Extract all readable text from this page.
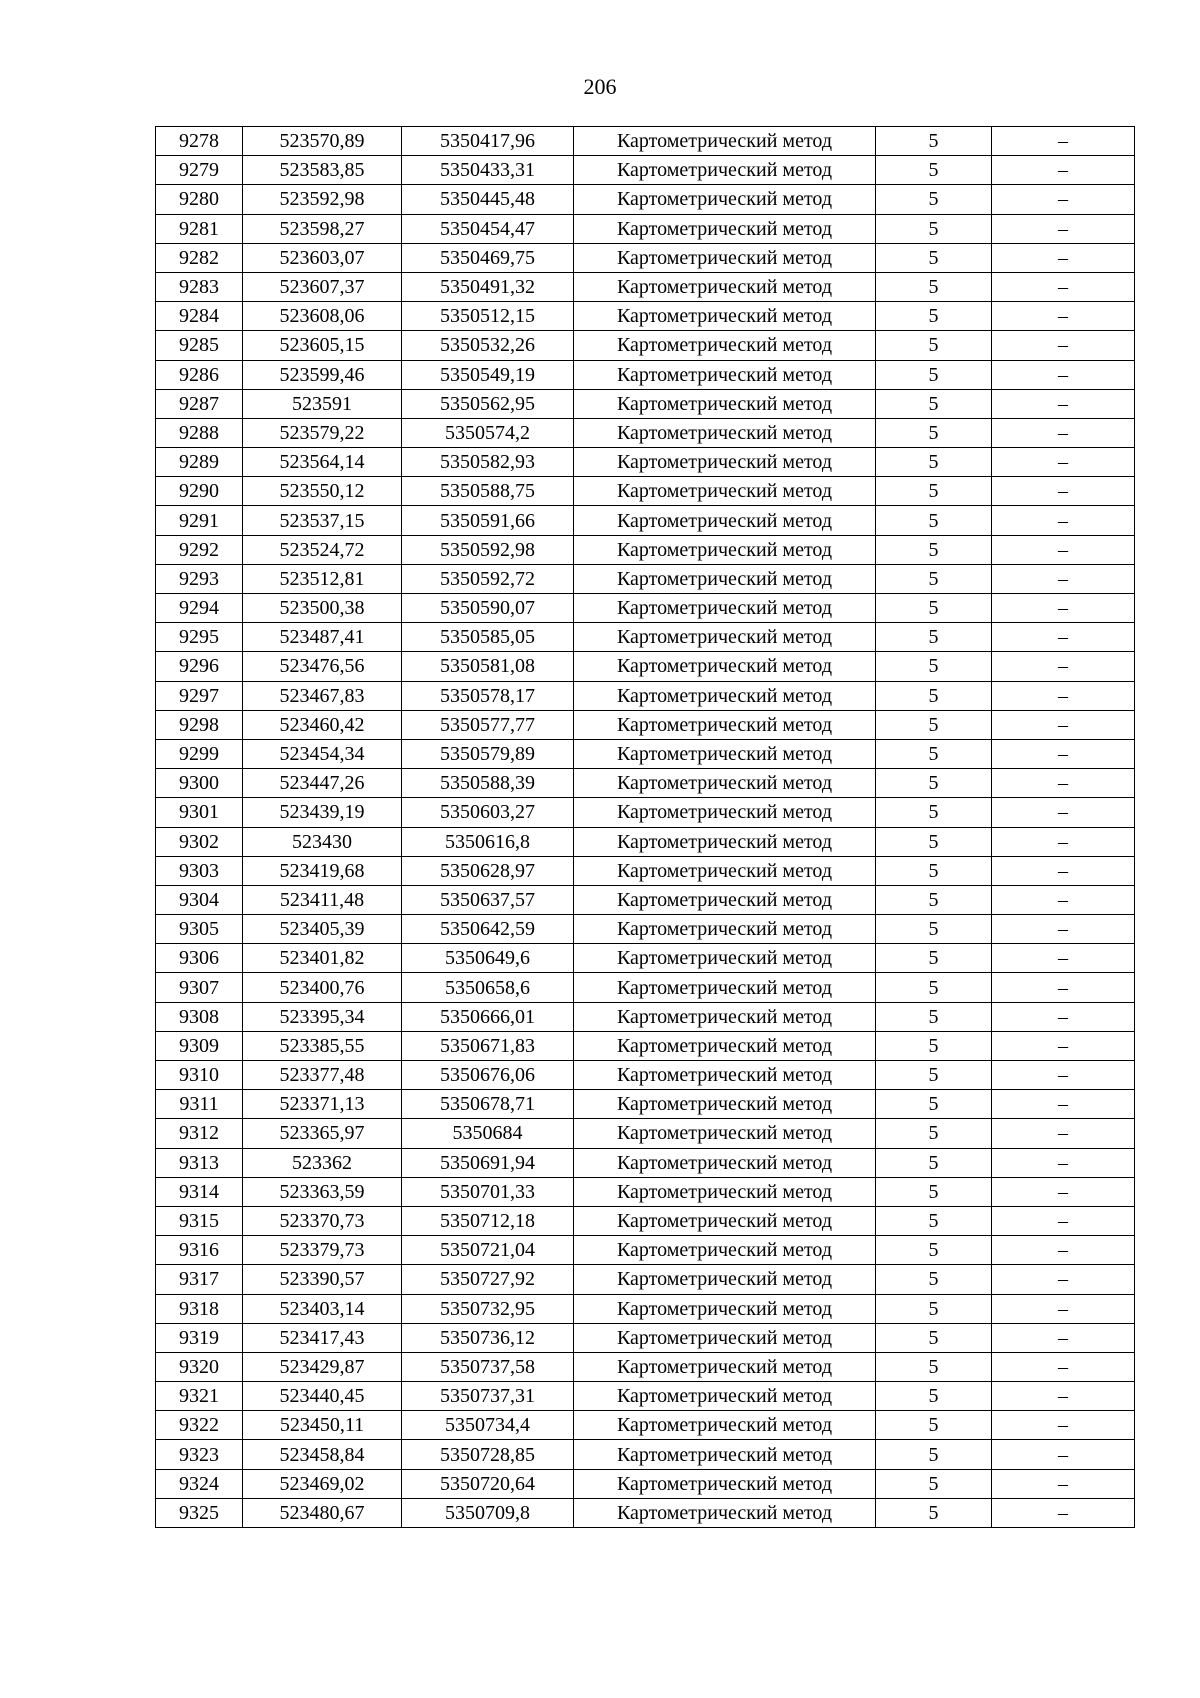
206
9278	523570,89	5350417,96	Картометрический метод	5	–
9279	523583,85	5350433,31	Картометрический метод	5	–
9280	523592,98	5350445,48	Картометрический метод	5	–
9281	523598,27	5350454,47	Картометрический метод	5	–
9282	523603,07	5350469,75	Картометрический метод	5	–
9283	523607,37	5350491,32	Картометрический метод	5	–
9284	523608,06	5350512,15	Картометрический метод	5	–
9285	523605,15	5350532,26	Картометрический метод	5	–
9286	523599,46	5350549,19	Картометрический метод	5	–
9287	523591	5350562,95	Картометрический метод	5	–
9288	523579,22	5350574,2	Картометрический метод	5	–
9289	523564,14	5350582,93	Картометрический метод	5	–
9290	523550,12	5350588,75	Картометрический метод	5	–
9291	523537,15	5350591,66	Картометрический метод	5	–
9292	523524,72	5350592,98	Картометрический метод	5	–
9293	523512,81	5350592,72	Картометрический метод	5	–
9294	523500,38	5350590,07	Картометрический метод	5	–
9295	523487,41	5350585,05	Картометрический метод	5	–
9296	523476,56	5350581,08	Картометрический метод	5	–
9297	523467,83	5350578,17	Картометрический метод	5	–
9298	523460,42	5350577,77	Картометрический метод	5	–
9299	523454,34	5350579,89	Картометрический метод	5	–
9300	523447,26	5350588,39	Картометрический метод	5	–
9301	523439,19	5350603,27	Картометрический метод	5	–
9302	523430	5350616,8	Картометрический метод	5	–
9303	523419,68	5350628,97	Картометрический метод	5	–
9304	523411,48	5350637,57	Картометрический метод	5	–
9305	523405,39	5350642,59	Картометрический метод	5	–
9306	523401,82	5350649,6	Картометрический метод	5	–
9307	523400,76	5350658,6	Картометрический метод	5	–
9308	523395,34	5350666,01	Картометрический метод	5	–
9309	523385,55	5350671,83	Картометрический метод	5	–
9310	523377,48	5350676,06	Картометрический метод	5	–
9311	523371,13	5350678,71	Картометрический метод	5	–
9312	523365,97	5350684	Картометрический метод	5	–
9313	523362	5350691,94	Картометрический метод	5	–
9314	523363,59	5350701,33	Картометрический метод	5	–
9315	523370,73	5350712,18	Картометрический метод	5	–
9316	523379,73	5350721,04	Картометрический метод	5	–
9317	523390,57	5350727,92	Картометрический метод	5	–
9318	523403,14	5350732,95	Картометрический метод	5	–
9319	523417,43	5350736,12	Картометрический метод	5	–
9320	523429,87	5350737,58	Картометрический метод	5	–
9321	523440,45	5350737,31	Картометрический метод	5	–
9322	523450,11	5350734,4	Картометрический метод	5	–
9323	523458,84	5350728,85	Картометрический метод	5	–
9324	523469,02	5350720,64	Картометрический метод	5	–
9325	523480,67	5350709,8	Картометрический метод	5	–
